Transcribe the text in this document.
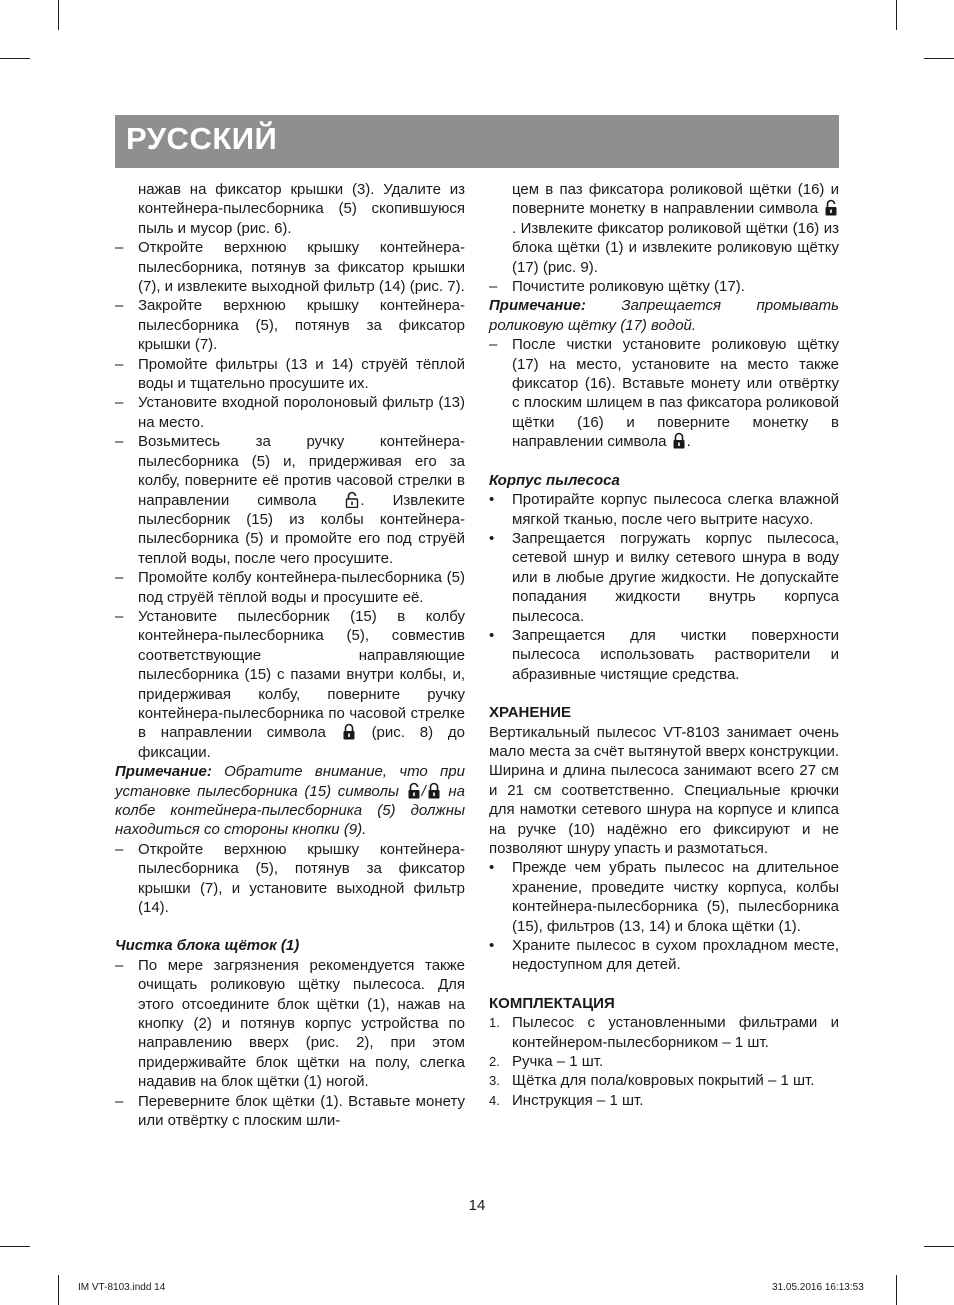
РУССКИЙ

нажав на фиксатор крышки (3). Удалите из контейнера-пылесборника (5) скопившуюся пыль и мусор (рис. 6).

– Откройте верхнюю крышку контейнера-пылесборника, потянув за фиксатор крышки (7), и извлеките выходной фильтр (14) (рис. 7).
– Закройте верхнюю крышку контейнера-пылесборника (5), потянув за фиксатор крышки (7).
– Промойте фильтры (13 и 14) струёй тёплой воды и тщательно просушите их.
– Установите входной поролоновый фильтр (13) на место.
– Возьмитесь за ручку контейнера-пылесборника (5) и, придерживая его за колбу, поверните её против часовой стрелки в направлении символа	. Извлеките пылесборник (15) из колбы контейнера-пылесборника (5) и промойте его под струёй теплой воды, после чего просушите.
– Промойте колбу контейнера-пылесборника (5) под струёй тёплой воды и просушите её.
– Установите пылесборник (15) в колбу контейнера-пылесборника (5), совместив соответствующие направляющие пылесборника (15) с пазами внутри колбы, и, придерживая колбу, поверните ручку контейнера-пылесборника по часовой стрелке в направлении символа	(рис. 8) до фиксации.

Примечание: Обратите внимание, что при установке пылесборника (15) символы / на колбе контейнера-пылесборника (5) должны находиться со стороны кнопки (9).

– Откройте верхнюю крышку контейнера-пылесборника (5), потянув за фиксатор крышки (7), и установите выходной фильтр (14).

Чистка блока щёток (1)

– По мере загрязнения рекомендуется также очищать роликовую щётку пылесоса. Для этого отсоедините блок щётки (1), нажав на кнопку (2) и потянув корпус устройства по направлению вверх (рис. 2), при этом придерживайте блок щётки на полу, слегка надавив на блок щётки (1) ногой.
– Переверните блок щётки (1). Вставьте монету или отвёртку с плоским шли-

цем в паз фиксатора роликовой щётки (16) и поверните монетку в направлении символа . Извлеките фиксатор роликовой щётки (16) из блока щётки (1) и извлеките роликовую щётку (17) (рис. 9).

– Почистите роликовую щётку (17).

Примечание: Запрещается промывать роликовую щётку (17) водой.

– После чистки установите роликовую щётку (17) на место, установите на место также фиксатор (16). Вставьте монету или отвёртку с плоским шлицем в паз фиксатора роликовой щётки (16) и поверните монетку в направлении символа .

Корпус пылесоса

•	Протирайте корпус пылесоса слегка влажной мягкой тканью, после чего вытрите насухо.
•	Запрещается погружать корпус пылесоса, сетевой шнур и вилку сетевого шнура в воду или в любые другие жидкости. Не допускайте попадания жидкости внутрь корпуса пылесоса.
•	Запрещается для чистки поверхности пылесоса использовать растворители и абразивные чистящие средства.

ХРАНЕНИЕ

Вертикальный пылесос VT-8103 занимает очень мало места за счёт вытянутой вверх конструкции. Ширина и длина пылесоса занимают всего 27 см и 21 см соответственно. Специальные крючки для намотки сетевого шнура на корпусе и клипса на ручке (10) надёжно его фиксируют и не позволяют шнуру упасть и размотаться.

•	Прежде чем убрать пылесос на длительное хранение, проведите чистку корпуса, колбы контейнера-пылесборника (5), пылесборника (15), фильтров (13, 14) и блока щётки (1).
•	Храните пылесос в сухом прохладном месте, недоступном для детей.

КОМПЛЕКТАЦИЯ

1. Пылесос с установленными фильтрами и контейнером-пылесборником – 1 шт.
2. Ручка – 1 шт.
3. Щётка для пола/ковровых покрытий – 1 шт.
4. Инструкция – 1 шт.
14
IM VT-8103.indd 14	31.05.2016 16:13:53
